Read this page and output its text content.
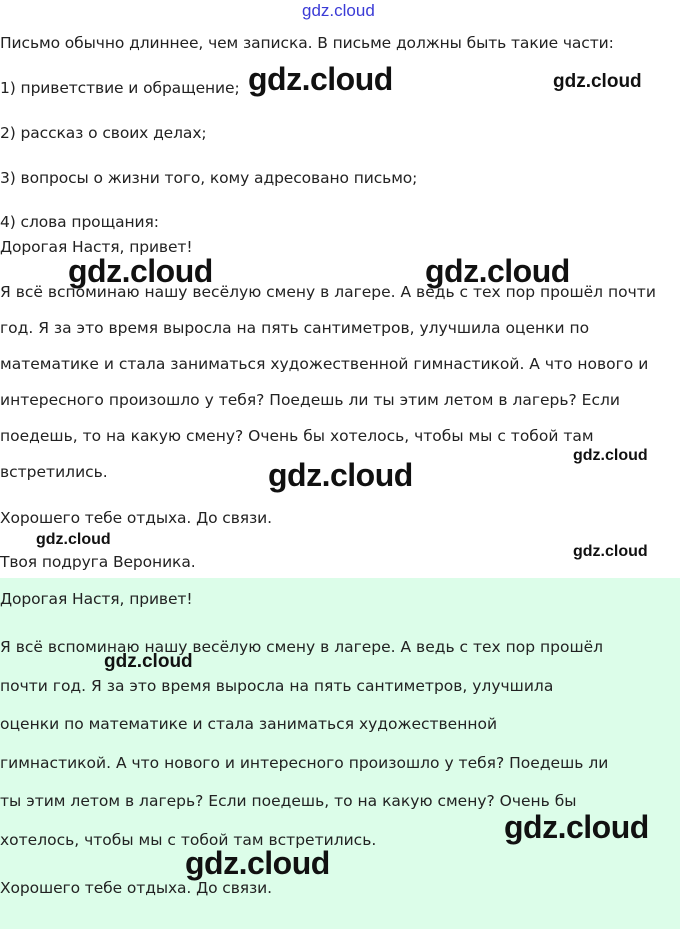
gdz.cloud

Письмо обычно длиннее, чем записка. В письме должны быть такие части:

1) приветствие и обращение;

2) рассказ о своих делах;

3) вопросы о жизни того, кому адресовано письмо;

4) слова прощания:

Дорогая Настя, привет!

Я всё вспоминаю нашу весёлую смену в лагере. А ведь с тех пор прошёл почти
год. Я за это время выросла на пять сантиметров, улучшила оценки по
математике и стала заниматься художественной гимнастикой. А что нового и
интересного произошло у тебя? Поедешь ли ты этим летом в лагерь? Если
поедешь, то на какую смену? Очень бы хотелось, чтобы мы с тобой там
встретились.

Хорошего тебе отдыха. До связи.

Твоя подруга Вероника.

Дорогая Настя, привет!

Я всё вспоминаю нашу весёлую смену в лагере. А ведь с тех пор прошёл
почти год. Я за это время выросла на пять сантиметров, улучшила
оценки по математике и стала заниматься художественной
гимнастикой. А что нового и интересного произошло у тебя? Поедешь ли
ты этим летом в лагерь? Если поедешь, то на какую смену? Очень бы
хотелось, чтобы мы с тобой там встретились.

Хорошего тебе отдыха. До связи.

gdz.cloud	gdz.cloud
gdz.cloud	gdz.cloud
gdz.cloud
gdz.cloud
gdz.cloud
gdz.cloud
gdz.cloud
gdz.cloud
gdz.cloud
